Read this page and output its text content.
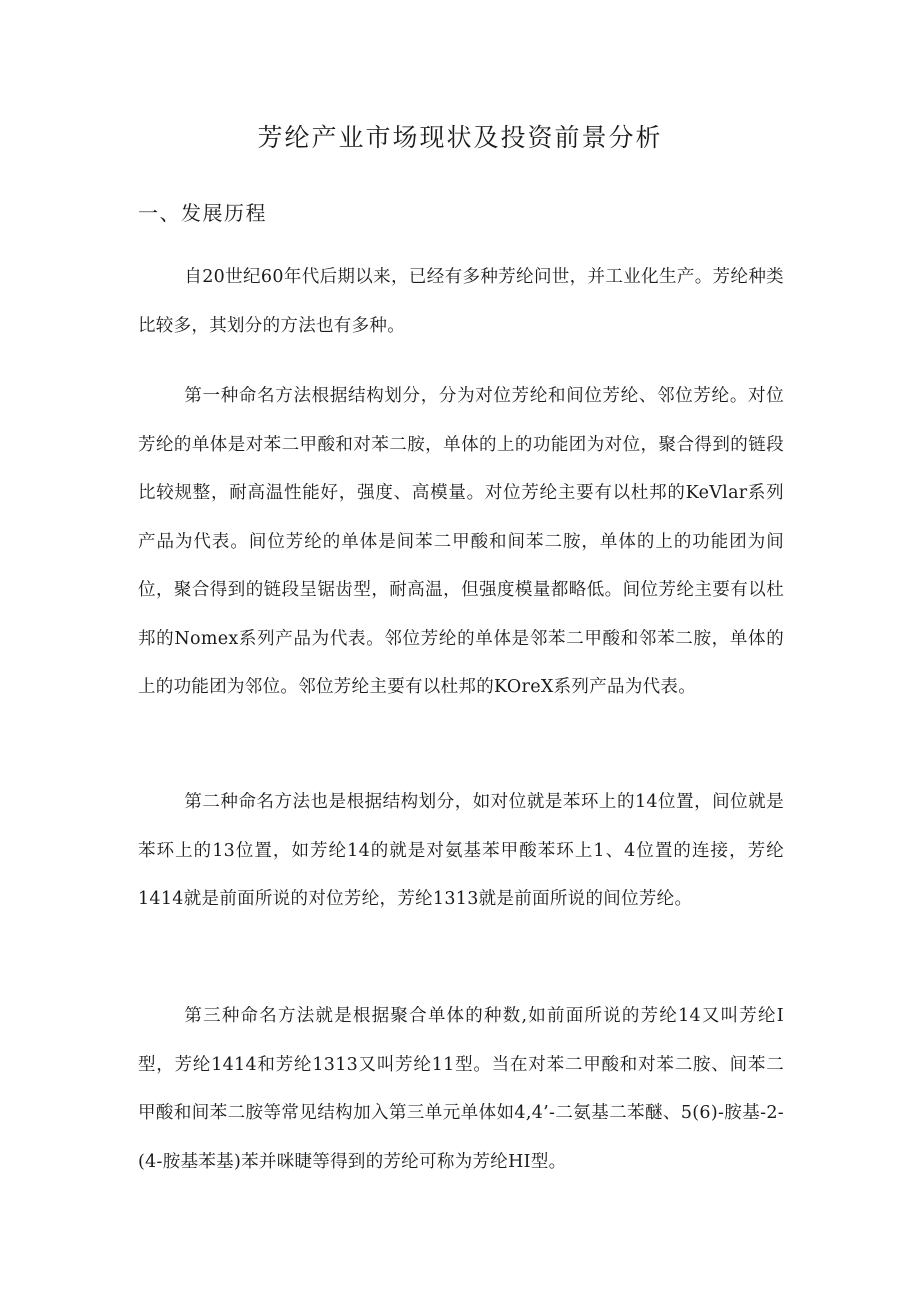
芳纶产业市场现状及投资前景分析
一、发展历程

自20世纪60年代后期以来，已经有多种芳纶问世，并工业化生产。芳纶种类比较多，其划分的方法也有多种。

第一种命名方法根据结构划分，分为对位芳纶和间位芳纶、邻位芳纶。对位芳纶的单体是对苯二甲酸和对苯二胺，单体的上的功能团为对位，聚合得到的链段比较规整，耐高温性能好，强度、高模量。对位芳纶主要有以杜邦的KeVlar系列产品为代表。间位芳纶的单体是间苯二甲酸和间苯二胺，单体的上的功能团为间位，聚合得到的链段呈锯齿型，耐高温，但强度模量都略低。间位芳纶主要有以杜邦的Nomex系列产品为代表。邻位芳纶的单体是邻苯二甲酸和邻苯二胺，单体的上的功能团为邻位。邻位芳纶主要有以杜邦的KOreX系列产品为代表。

第二种命名方法也是根据结构划分，如对位就是苯环上的14位置，间位就是苯环上的13位置，如芳纶14的就是对氨基苯甲酸苯环上1、4位置的连接，芳纶1414就是前面所说的对位芳纶，芳纶1313就是前面所说的间位芳纶。

第三种命名方法就是根据聚合单体的种数,如前面所说的芳纶14又叫芳纶I型，芳纶1414和芳纶1313又叫芳纶11型。当在对苯二甲酸和对苯二胺、间苯二甲酸和间苯二胺等常见结构加入第三单元单体如4,4’-二氨基二苯醚、5(6)-胺基-2-(4-胺基苯基)苯并咪睫等得到的芳纶可称为芳纶HI型。
